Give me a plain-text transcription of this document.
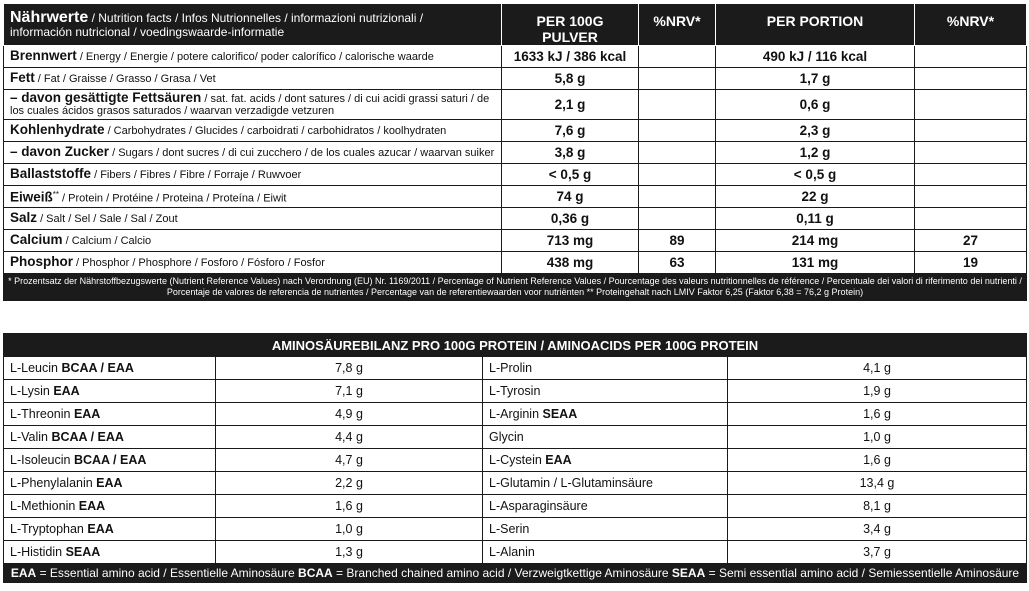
Nährwerte / Nutrition facts / Infos Nutrionnelles / informazioni nutrizionali /
información nutricional / voedingswaarde-informatie	PER 100G PULVER	%NRV*	PER PORTION	%NRV*
Brennwert / Energy / Energie / potere calorifico/ poder calorífico / calorische waarde	1633 kJ / 386 kcal		490 kJ / 116 kcal	
Fett / Fat / Graisse / Grasso / Grasa / Vet	5,8 g		1,7 g	
– davon gesättigte Fettsäuren / sat. fat. acids / dont satures / di cui acidi grassi saturi / de los cuales ácidos grasos saturados / waarvan verzadigde vetzuren	2,1 g		0,6 g	
Kohlenhydrate / Carbohydrates / Glucides / carboidrati / carbohidratos / koolhydraten	7,6 g		2,3 g	
– davon Zucker / Sugars / dont sucres / di cui zucchero / de los cuales azucar / waarvan suiker	3,8 g		1,2 g	
Ballaststoffe / Fibers / Fibres / Fibre / Forraje / Ruwvoer	< 0,5 g		< 0,5 g	
Eiweiß** / Protein / Protéine / Proteina / Proteína / Eiwit	74 g		22 g	
Salz / Salt / Sel / Sale / Sal / Zout	0,36 g		0,11 g	
Calcium / Calcium / Calcio	713 mg	89	214 mg	27
Phosphor / Phosphor / Phosphore / Fosforo / Fósforo / Fosfor	438 mg	63	131 mg	19
* Prozentsatz der Nährstoffbezugswerte (Nutrient Reference Values) nach Verordnung (EU) Nr. 1169/2011 / Percentage of Nutrient Reference Values / Pourcentage des valeurs nutritionnelles de référence / Percentuale dei valori di riferimento dei nutrienti / Porcentaje de valores de referencia de nutrientes / Percentage van de referentiewaarden voor nutriënten ** Proteingehalt nach LMIV Faktor 6,25 (Faktor 6,38 = 76,2 g Protein)				
AMINOSÄUREBILANZ PRO 100G PROTEIN / AMINOACIDS PER 100G PROTEIN			
L-Leucin BCAA / EAA	7,8 g	L-Prolin	4,1 g
L-Lysin EAA	7,1 g	L-Tyrosin	1,9 g
L-Threonin EAA	4,9 g	L-Arginin SEAA	1,6 g
L-Valin BCAA / EAA	4,4 g	Glycin	1,0 g
L-Isoleucin BCAA / EAA	4,7 g	L-Cystein EAA	1,6 g
L-Phenylalanin EAA	2,2 g	L-Glutamin / L-Glutaminsäure	13,4 g
L-Methionin EAA	1,6 g	L-Asparaginsäure	8,1 g
L-Tryptophan EAA	1,0 g	L-Serin	3,4 g
L-Histidin SEAA	1,3 g	L-Alanin	3,7 g
EAA = Essential amino acid / Essentielle Aminosäure BCAA = Branched chained amino acid / Verzweigtkettige Aminosäure SEAA = Semi essential amino acid / Semiessentielle Aminosäure			
